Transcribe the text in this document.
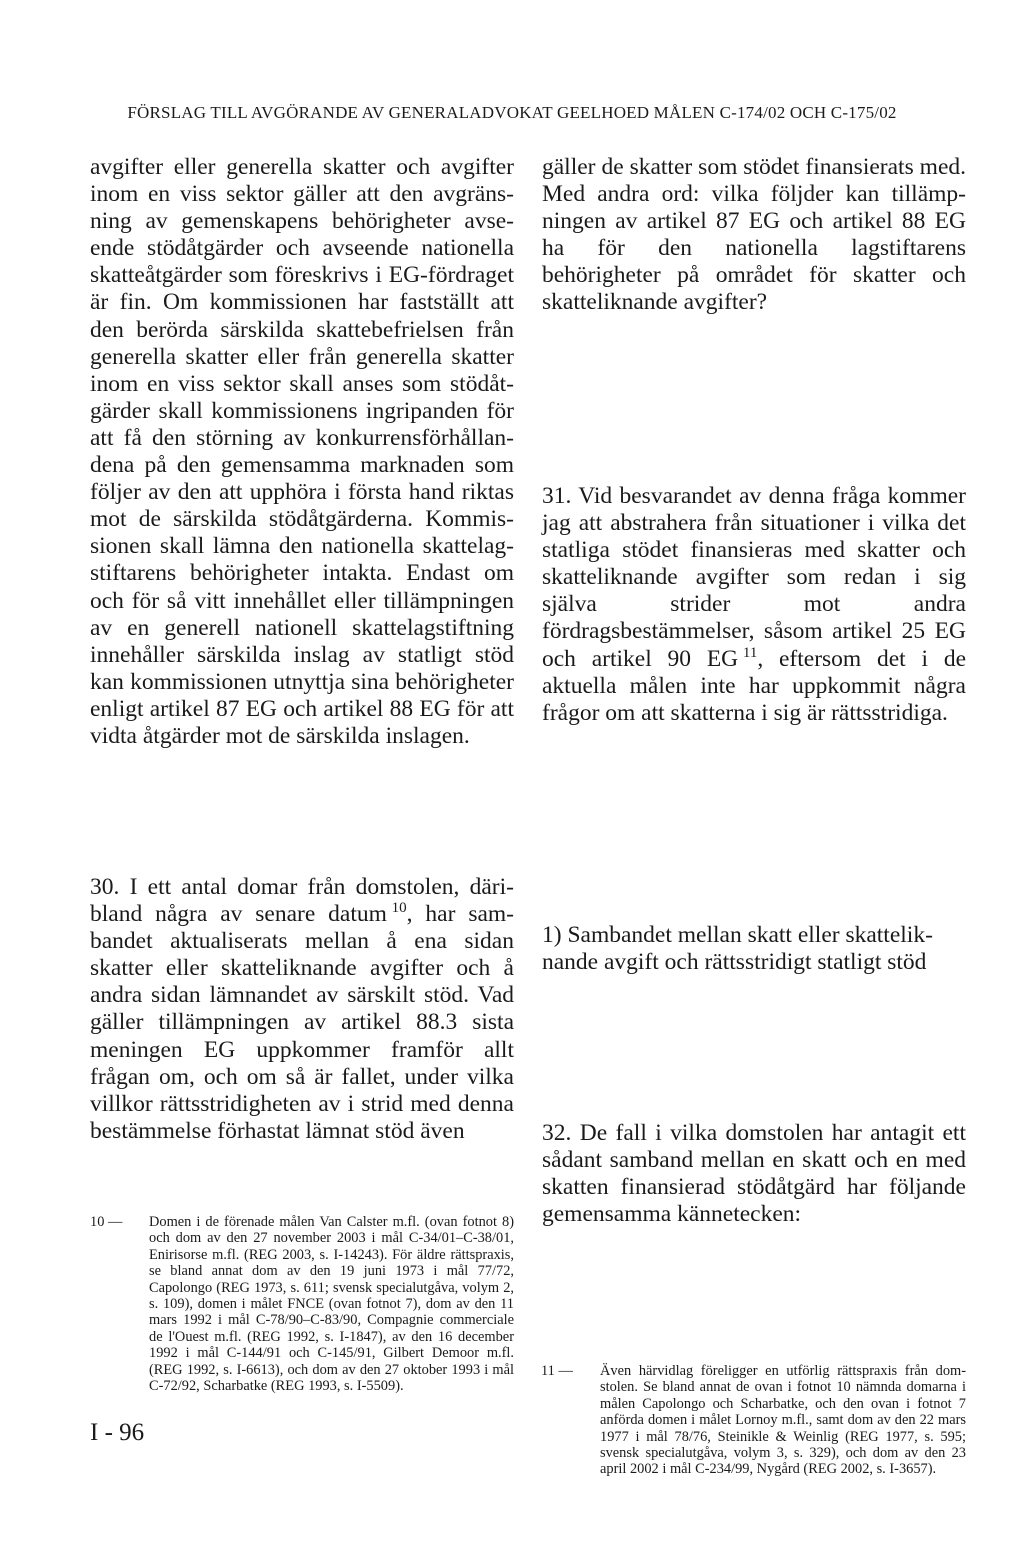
FÖRSLAG TILL AVGÖRANDE AV GENERALADVOKAT GEELHOED MÅLEN C-174/02 OCH C-175/02
avgifter eller generella skatter och avgifter inom en viss sektor gäller att den avgränsning av gemenskapens behörigheter avseende stödåtgärder och avseende nationella skatteåtgärder som föreskrivs i EG-fördraget är fin. Om kommissionen har fastställt att den berörda särskilda skattebefrielsen från generella skatter eller från generella skatter inom en viss sektor skall anses som stödåtgärder skall kommissionens ingripanden för att få den störning av konkurrensförhållandena på den gemensamma marknaden som följer av den att upphöra i första hand riktas mot de särskilda stödåtgärderna. Kommissionen skall lämna den nationella skattelagstiftarens behörigheter intakta. Endast om och för så vitt innehållet eller tillämpningen av en generell nationell skattelagstiftning innehåller särskilda inslag av statligt stöd kan kommissionen utnyttja sina behörigheter enligt artikel 87 EG och artikel 88 EG för att vidta åtgärder mot de särskilda inslagen.
30. I ett antal domar från domstolen, däribland några av senare datum  $^{10}$, har sambandet aktualiserats mellan å ena sidan skatter eller skatteliknande avgifter och å andra sidan lämnandet av särskilt stöd. Vad gäller tillämpningen av artikel 88.3 sista meningen EG uppkommer framför allt frågan om, och om så är fallet, under vilka villkor rättsstridigheten av i strid med denna bestämmelse förhastat lämnat stöd även
gäller de skatter som stödet finansierats med. Med andra ord: vilka följder kan tillämpningen av artikel 87 EG och artikel 88 EG ha för den nationella lagstiftarens behörigheter på området för skatter och skatteliknande avgifter?
31. Vid besvarandet av denna fråga kommer jag att abstrahera från situationer i vilka det statliga stödet finansieras med skatter och skatteliknande avgifter som redan i sig själva strider mot andra fördragsbestämmelser, såsom artikel 25 EG och artikel 90 EG  $^{11}$, eftersom det i de aktuella målen inte har uppkommit några frågor om att skatterna i sig är rättsstridiga.
1) Sambandet mellan skatt eller skatteliknande avgift och rättsstridigt statligt stöd
32. De fall i vilka domstolen har antagit ett sådant samband mellan en skatt och en med skatten finansierad stödåtgärd har följande gemensamma kännetecken:
10 —	Domen i de förenade målen Van Calster m.fl. (ovan fotnot 8) och dom av den 27 november 2003 i mål C-34/01–C-38/01, Enirisorse m.fl. (REG 2003, s. I-14243). För äldre rättspraxis, se bland annat dom av den 19 juni 1973 i mål 77/72, Capolongo (REG 1973, s. 611; svensk specialutgåva, volym 2, s. 109), domen i målet FNCE (ovan fotnot 7), dom av den 11 mars 1992 i mål C-78/90–C-83/90, Compagnie commerciale de l'Ouest m.fl. (REG 1992, s. I-1847), av den 16 december 1992 i mål C-144/91 och C-145/91, Gilbert Demoor m.fl. (REG 1992, s. I-6613), och dom av den 27 oktober 1993 i mål C-72/92, Scharbatke (REG 1993, s. I-5509).
11 —	Även härvidlag föreligger en utförlig rättspraxis från domstolen. Se bland annat de ovan i fotnot 10 nämnda domarna i målen Capolongo och Scharbatke, och den ovan i fotnot 7 anförda domen i målet Lornoy m.fl., samt dom av den 22 mars 1977 i mål 78/76, Steinikle & Weinlig (REG 1977, s. 595; svensk specialutgåva, volym 3, s. 329), och dom av den 23 april 2002 i mål C-234/99, Nygård (REG 2002, s. I-3657).
I - 96
